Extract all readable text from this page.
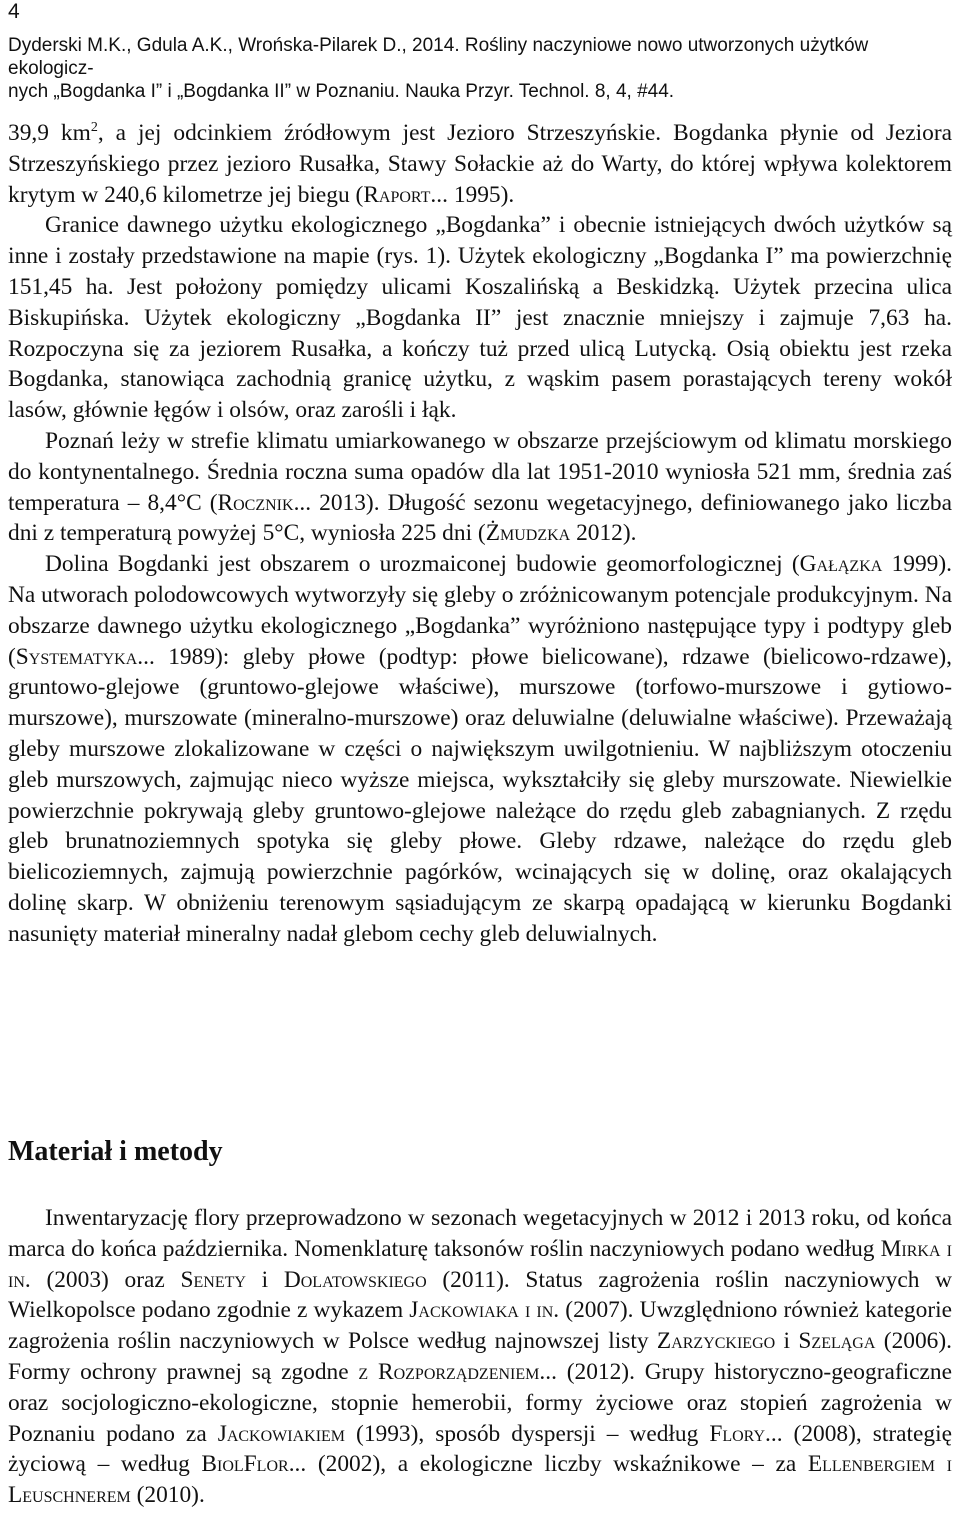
4
Dyderski M.K., Gdula A.K., Wrońska-Pilarek D., 2014. Rośliny naczyniowe nowo utworzonych użytków ekologicz-
nych „Bogdanka I” i „Bogdanka II” w Poznaniu. Nauka Przyr. Technol. 8, 4, #44.

39,9 $km^2$, a jej odcinkiem źródłowym jest Jezioro Strzeszyńskie. Bogdanka płynie od Jeziora Strzeszyńskiego przez jezioro Rusałka, Stawy Sołackie aż do Warty, do której wpływa kolektorem krytym w 240,6 kilometrze jej biegu (Raport... 1995).

Granice dawnego użytku ekologicznego „Bogdanka” i obecnie istniejących dwóch użytków są inne i zostały przedstawione na mapie (rys. 1). Użytek ekologiczny „Bogdanka I” ma powierzchnię 151,45 ha. Jest położony pomiędzy ulicami Koszalińską a Beskidzką. Użytek przecina ulica Biskupińska. Użytek ekologiczny „Bogdanka II” jest znacznie mniejszy i zajmuje 7,63 ha. Rozpoczyna się za jeziorem Rusałka, a kończy tuż przed ulicą Lutycką. Osią obiektu jest rzeka Bogdanka, stanowiąca zachodnią granicę użytku, z wąskim pasem porastających tereny wokół lasów, głównie łęgów i olsów, oraz zarośli i łąk.

Poznań leży w strefie klimatu umiarkowanego w obszarze przejściowym od klimatu morskiego do kontynentalnego. Średnia roczna suma opadów dla lat 1951-2010 wyniosła 521 mm, średnia zaś temperatura – 8,4°C (Rocznik... 2013). Długość sezonu wegetacyjnego, definiowanego jako liczba dni z temperaturą powyżej 5°C, wyniosła 225 dni (Żmudzka 2012).

Dolina Bogdanki jest obszarem o urozmaiconej budowie geomorfologicznej (Gałązka 1999). Na utworach polodowcowych wytworzyły się gleby o zróżnicowanym potencjale produkcyjnym. Na obszarze dawnego użytku ekologicznego „Bogdanka” wyróżniono następujące typy i podtypy gleb (Systematyka... 1989): gleby płowe (podtyp: płowe bielicowane), rdzawe (bielicowo-rdzawe), gruntowo-glejowe (gruntowo-glejowe właściwe), murszowe (torfowo-murszowe i gytiowo-murszowe), murszowate (mineralno-murszowe) oraz deluwialne (deluwialne właściwe). Przeważają gleby murszowe zlokalizowane w części o największym uwilgotnieniu. W najbliższym otoczeniu gleb murszowych, zajmując nieco wyższe miejsca, wykształciły się gleby murszowate. Niewielkie powierzchnie pokrywają gleby gruntowo-glejowe należące do rzędu gleb zabagnianych. Z rzędu gleb brunatnoziemnych spotyka się gleby płowe. Gleby rdzawe, należące do rzędu gleb bielicoziemnych, zajmują powierzchnie pagórków, wcinających się w dolinę, oraz okalających dolinę skarp. W obniżeniu terenowym sąsiadującym ze skarpą opadającą w kierunku Bogdanki nasunięty materiał mineralny nadał glebom cechy gleb deluwialnych.

Materiał i metody

Inwentaryzację flory przeprowadzono w sezonach wegetacyjnych w 2012 i 2013 roku, od końca marca do końca października. Nomenklaturę taksonów roślin naczyniowych podano według Mirka i in. (2003) oraz Senety i Dolatowskiego (2011). Status zagrożenia roślin naczyniowych w Wielkopolsce podano zgodnie z wykazem Jackowiaka i in. (2007). Uwzględniono również kategorie zagrożenia roślin naczyniowych w Polsce według najnowszej listy Zarzyckiego i Szeląga (2006). Formy ochrony prawnej są zgodne z Rozporządzeniem... (2012). Grupy historyczno-geograficzne oraz socjologiczno-ekologiczne, stopnie hemerobii, formy życiowe oraz stopień zagrożenia w Poznaniu podano za Jackowiakiem (1993), sposób dyspersji – według Flory... (2008), strategię życiową – według BiolFlor... (2002), a ekologiczne liczby wskaźnikowe – za Ellenbergiem i Leuschnerem (2010).
